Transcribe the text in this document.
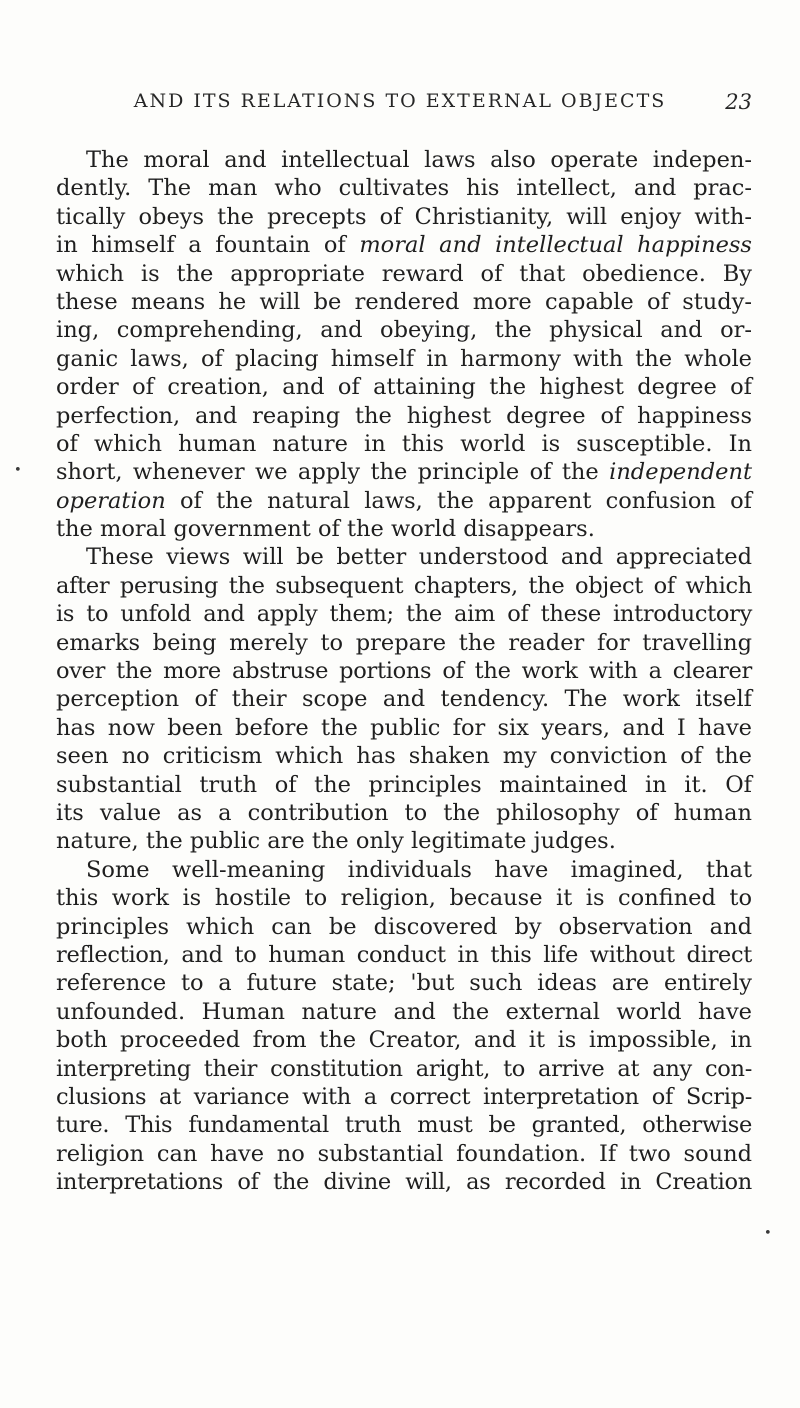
AND ITS RELATIONS TO EXTERNAL OBJECTS	23
The moral and intellectual laws also operate indepen-
dently. The man who cultivates his intellect, and prac-
tically obeys the precepts of Christianity, will enjoy with-
in himself a fountain of moral and intellectual happiness
which is the appropriate reward of that obedience. By
these means he will be rendered more capable of study-
ing, comprehending, and obeying, the physical and or-
ganic laws, of placing himself in harmony with the whole
order of creation, and of attaining the highest degree of
perfection, and reaping the highest degree of happiness
of which human nature in this world is susceptible. In
short, whenever we apply the principle of the independent
operation of the natural laws, the apparent confusion of
the moral government of the world disappears.
These views will be better understood and appreciated
after perusing the subsequent chapters, the object of which
is to unfold and apply them; the aim of these introductory
emarks being merely to prepare the reader for travelling
over the more abstruse portions of the work with a clearer
perception of their scope and tendency. The work itself
has now been before the public for six years, and I have
seen no criticism which has shaken my conviction of the
substantial truth of the principles maintained in it. Of
its value as a contribution to the philosophy of human
nature, the public are the only legitimate judges.
Some well-meaning individuals have imagined, that
this work is hostile to religion, because it is confined to
principles which can be discovered by observation and
reflection, and to human conduct in this life without direct
reference to a future state; 'but such ideas are entirely
unfounded. Human nature and the external world have
both proceeded from the Creator, and it is impossible, in
interpreting their constitution aright, to arrive at any con-
clusions at variance with a correct interpretation of Scrip-
ture. This fundamental truth must be granted, otherwise
religion can have no substantial foundation. If two sound
interpretations of the divine will, as recorded in Creation
•
•
